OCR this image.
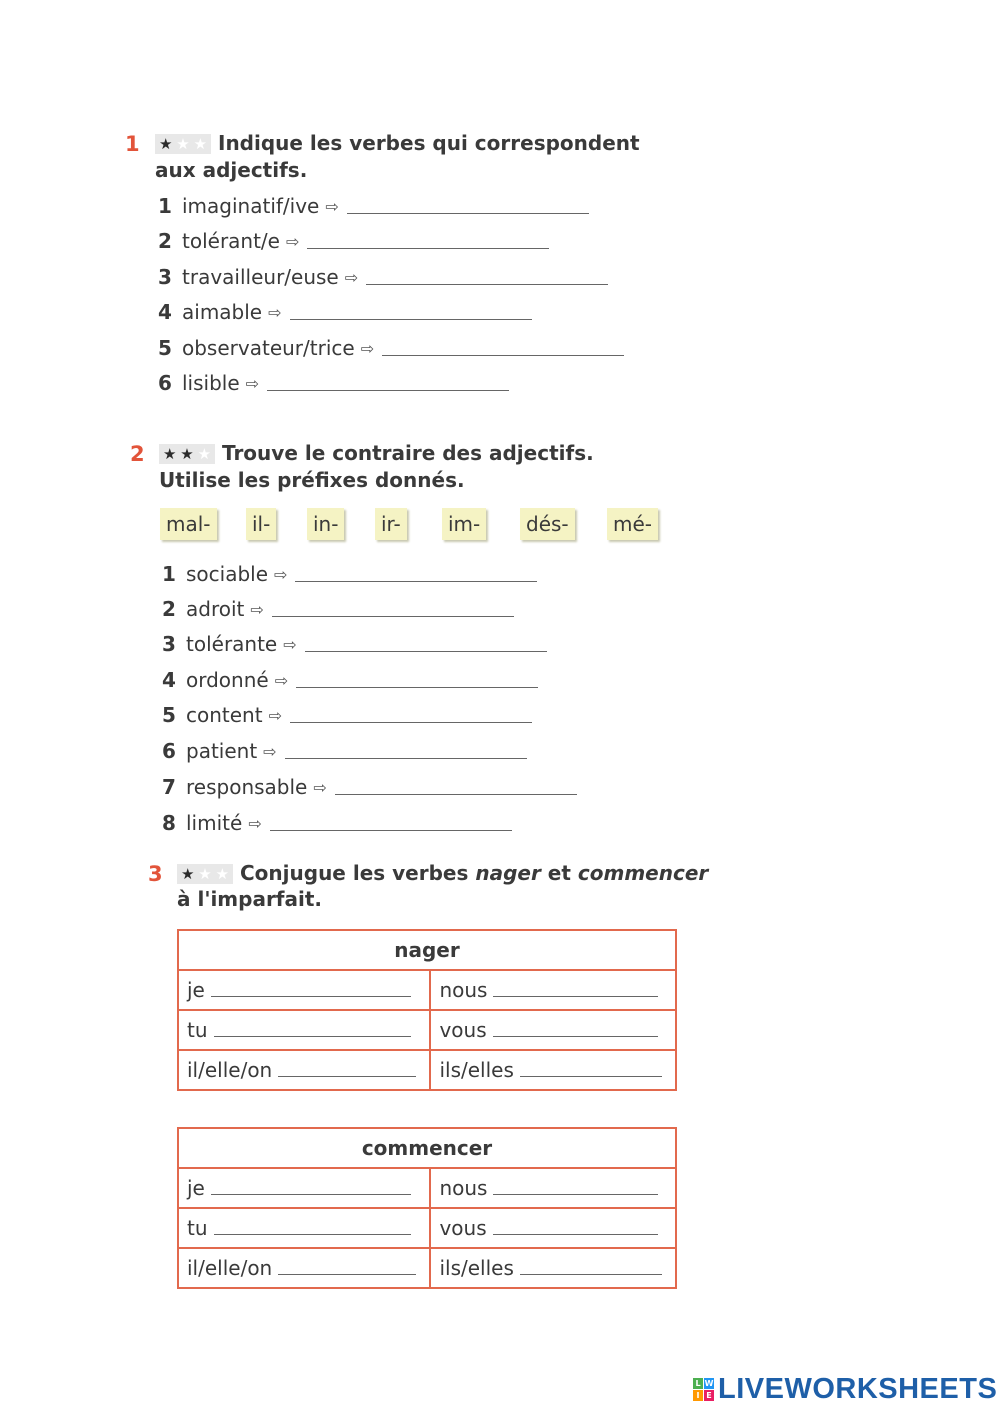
1 ★ ★ ★ Indique les verbes qui correspondent
aux adjectifs.
1 imaginatif/ive ⇨
2 tolérant/e ⇨
3 travailleur/euse ⇨
4 aimable ⇨
5 observateur/trice ⇨
6 lisible ⇨
2 ★ ★ ★ Trouve le contraire des adjectifs.
Utilise les préfixes donnés.
mal-	il-	in-	ir-	im-	dés-	mé-
1 sociable ⇨
2 adroit ⇨
3 tolérante ⇨
4 ordonné ⇨
5 content ⇨
6 patient ⇨
7 responsable ⇨
8 limité ⇨
3 ★ ★ ★ Conjugue les verbes nager et commencer
à l'imparfait.
nager	
je	nous
tu	vous
il/elle/on	ils/elles
commencer	
je	nous
tu	vous
il/elle/on	ils/elles
L W
I E LIVEWORKSHEETS
